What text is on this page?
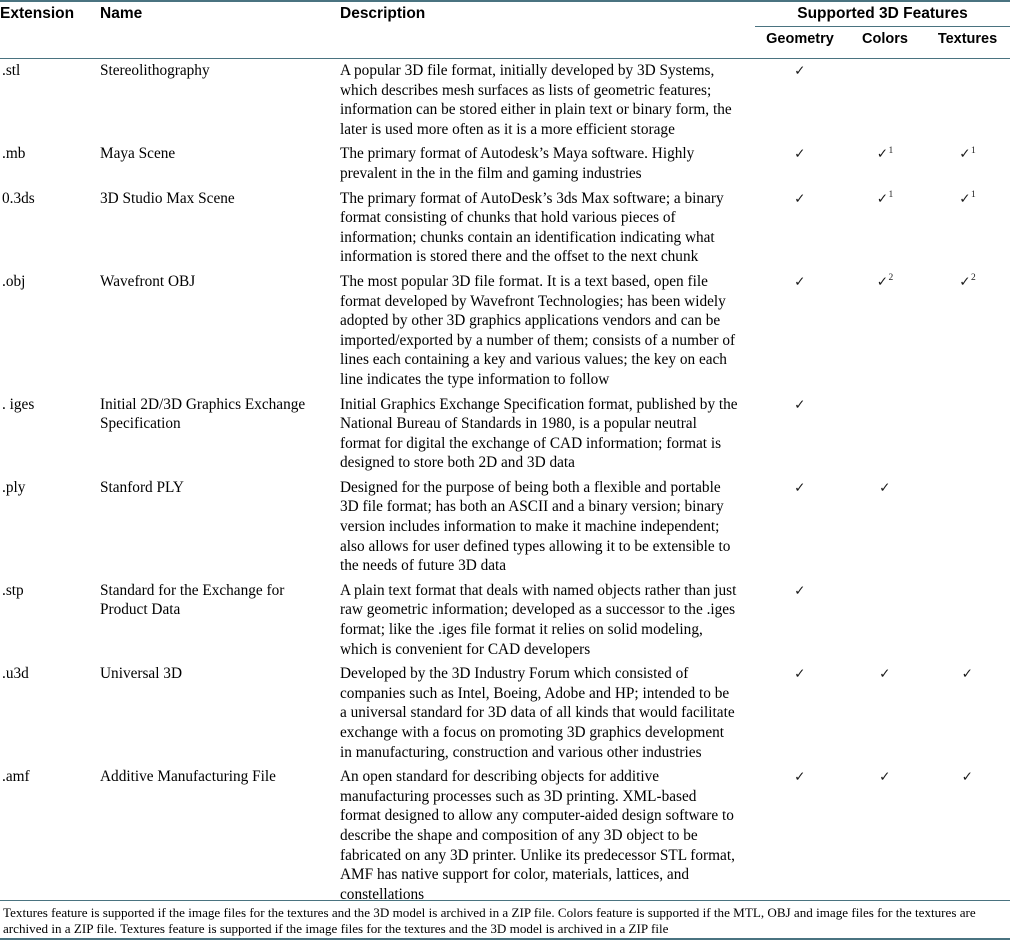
Extension	Name	Description	Supported 3D Features		
			Geometry	Colors	Textures
.stl	Stereolithography	A popular 3D file format, initially developed by 3D Systems, which describes mesh surfaces as lists of geometric features; information can be stored either in plain text or binary form, the later is used more often as it is a more efficient storage	✓		
.mb	Maya Scene	The primary format of Autodesk’s Maya software. Highly prevalent in the in the film and gaming industries	✓	✓$^1$	✓$^1$
0.3ds	3D Studio Max Scene	The primary format of AutoDesk’s 3ds Max software; a binary format consisting of chunks that hold various pieces of information; chunks contain an identification indicating what information is stored there and the offset to the next chunk	✓	✓$^1$	✓$^1$
.obj	Wavefront OBJ	The most popular 3D file format. It is a text based, open file format developed by Wavefront Technologies; has been widely adopted by other 3D graphics applications vendors and can be imported/exported by a number of them; consists of a number of lines each containing a key and various values; the key on each line indicates the type information to follow	✓	✓$^2$	✓$^2$
. iges	Initial 2D/3D Graphics Exchange Specification	Initial Graphics Exchange Specification format, published by the National Bureau of Standards in 1980, is a popular neutral format for digital the exchange of CAD information; format is designed to store both 2D and 3D data	✓		
.ply	Stanford PLY	Designed for the purpose of being both a flexible and portable 3D file format; has both an ASCII and a binary version; binary version includes information to make it machine independent; also allows for user defined types allowing it to be extensible to the needs of future 3D data	✓	✓	
.stp	Standard for the Exchange for Product Data	A plain text format that deals with named objects rather than just raw geometric information; developed as a successor to the .iges format; like the .iges file format it relies on solid modeling, which is convenient for CAD developers	✓		
.u3d	Universal 3D	Developed by the 3D Industry Forum which consisted of companies such as Intel, Boeing, Adobe and HP; intended to be a universal standard for 3D data of all kinds that would facilitate exchange with a focus on promoting 3D graphics development in manufacturing, construction and various other industries	✓	✓	✓
.amf	Additive Manufacturing File	An open standard for describing objects for additive manufacturing processes such as 3D printing. XML-based format designed to allow any computer-aided design software to describe the shape and composition of any 3D object to be fabricated on any 3D printer. Unlike its predecessor STL format, AMF has native support for color, materials, lattices, and constellations	✓	✓	✓
Textures feature is supported if the image files for the textures and the 3D model is archived in a ZIP file. Colors feature is supported if the MTL, OBJ and image files for the textures are archived in a ZIP file. Textures feature is supported if the image files for the textures and the 3D model is archived in a ZIP file
